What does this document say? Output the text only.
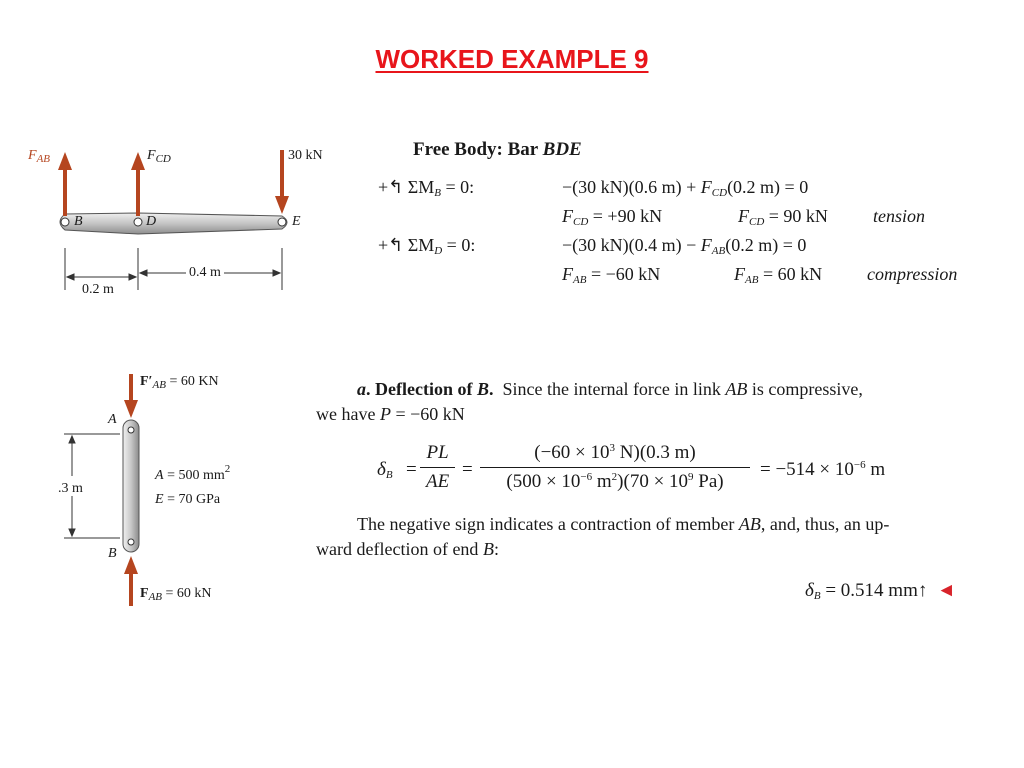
WORKED EXAMPLE 9
$F_{AB}$	$F_{CD}$	30 kN
B	D	E
0.2 m
0.4 m
Free Body: Bar BDE
+↰ $\Sigma M_B = 0$:	−(30 kN)(0.6 $m) + F_{CD}(0.2$ m) = 0
$F_{CD} = +90$ kN	$F_{CD} = 90$ kN	tension
+↰ $\Sigma M_D = 0$:	−(30 kN)(0.4 $m) - F_{AB}(0.2$ m) = 0
$F_{AB} = -60$ kN	$F_{AB} = 60$ kN compression
$F'_{AB} = 60$ KN
A
B
.3 m
A = 500 $mm^2$
E = 70 GPa
$F_{AB} = 60$ kN
a. Deflection of B. Since the internal force in link AB is compressive,
we have P = −60 kN
$\delta_B$ =
PL
AE
=
($-60 \times 10^3$ N)(0.3 m)
($500 \times 10^{-6}$ $m^2)(70 \times 10^9$ Pa)
= $-514 \times 10^{-6}$ m
The negative sign indicates a contraction of member AB, and, thus, an up-
ward deflection of end B:
$\delta_B = 0.514$ mm↑ ◄
